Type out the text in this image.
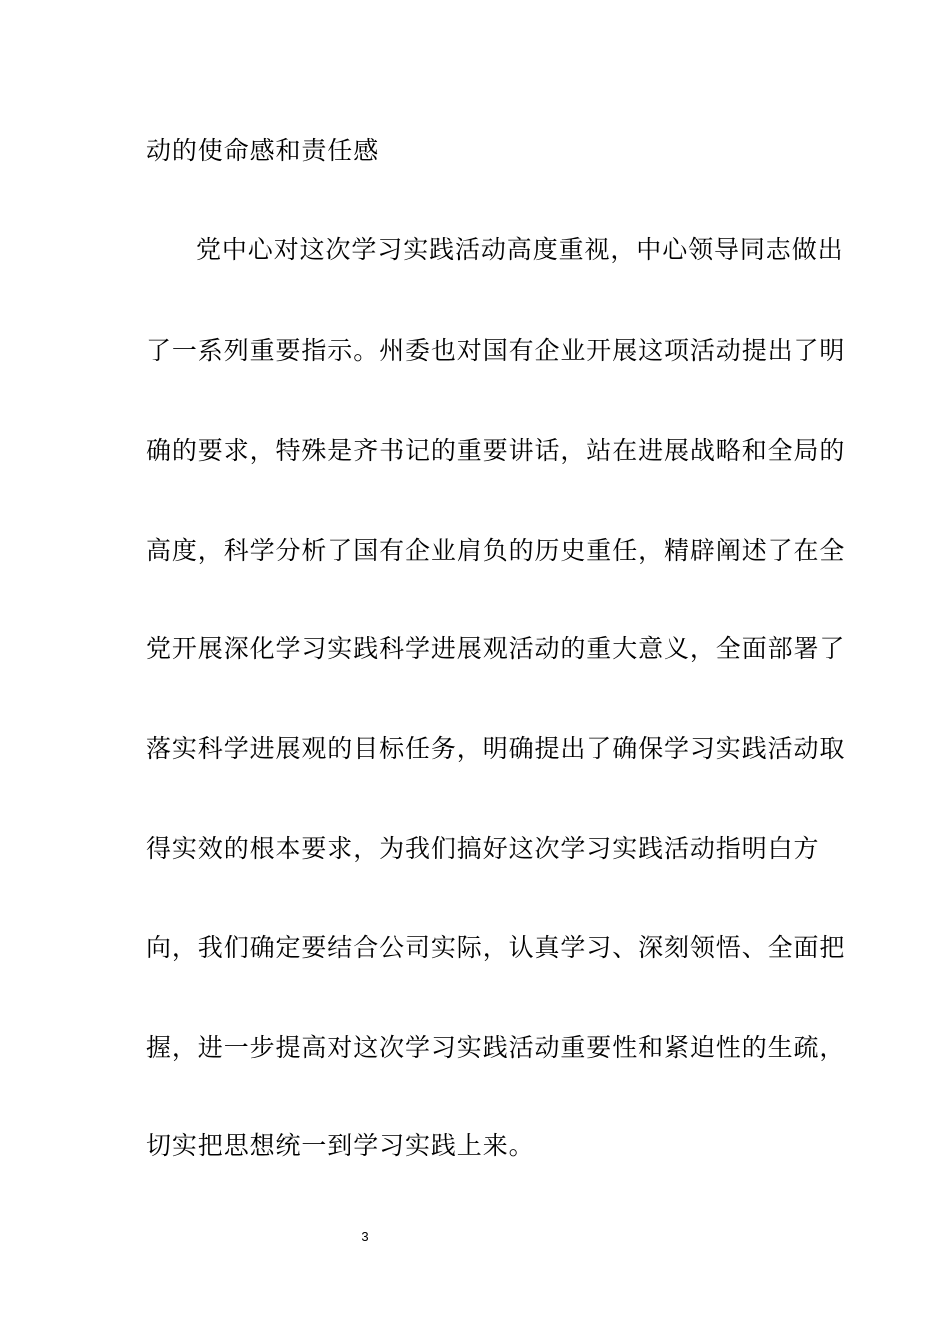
动的使命感和责任感
党中心对这次学习实践活动高度重视，中心领导同志做出
了一系列重要指示。州委也对国有企业开展这项活动提出了明
确的要求，特殊是齐书记的重要讲话，站在进展战略和全局的
高度，科学分析了国有企业肩负的历史重任，精辟阐述了在全
党开展深化学习实践科学进展观活动的重大意义，全面部署了
落实科学进展观的目标任务，明确提出了确保学习实践活动取
得实效的根本要求，为我们搞好这次学习实践活动指明白方
向，我们确定要结合公司实际，认真学习、深刻领悟、全面把
握，进一步提高对这次学习实践活动重要性和紧迫性的生疏，
切实把思想统一到学习实践上来。
3
